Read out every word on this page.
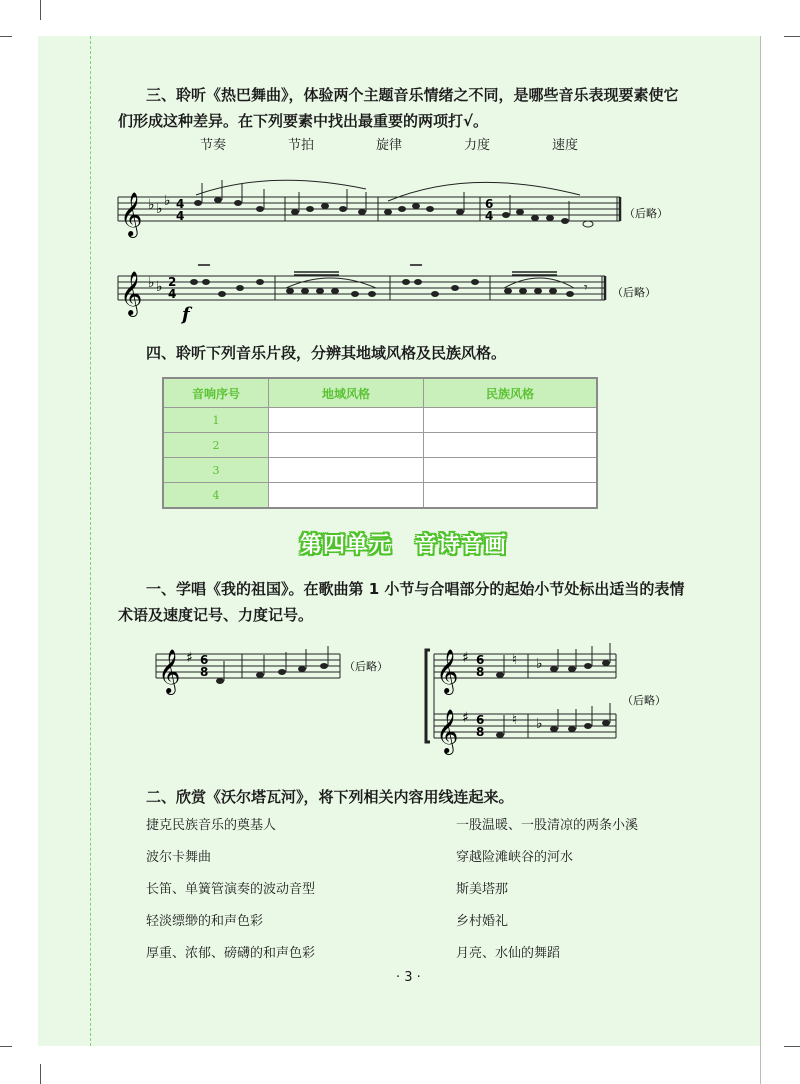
三、聆听《热巴舞曲》，体验两个主题音乐情绪之不同，是哪些音乐表现要素使它
们形成这种差异。在下列要素中找出最重要的两项打√。
节奏	节拍	旋律	力度	速度
𝄞 ♭ ♭ ♭ 4
4
6
4	（后略）
𝄞 ♭ ♭ 2
4
f
𝄾 （后略）
四、聆听下列音乐片段，分辨其地域风格及民族风格。
音响序号	地域风格	民族风格
1		
2		
3		
4		
第四单元　音诗音画
一、学唱《我的祖国》。在歌曲第 1 小节与合唱部分的起始小节处标出适当的表情
术语及速度记号、力度记号。
𝄞 ♯ 6
8	（后略） 𝄞
𝄞
♯
♯
6
8
6
8
♮
♮
♭
♭
（后略）
二、欣赏《沃尔塔瓦河》，将下列相关内容用线连起来。
捷克民族音乐的奠基人
波尔卡舞曲
长笛、单簧管演奏的波动音型
轻淡缥缈的和声色彩
厚重、浓郁、磅礴的和声色彩
一股温暖、一股清凉的两条小溪
穿越险滩峡谷的河水
斯美塔那
乡村婚礼
月亮、水仙的舞蹈
· 3 ·
